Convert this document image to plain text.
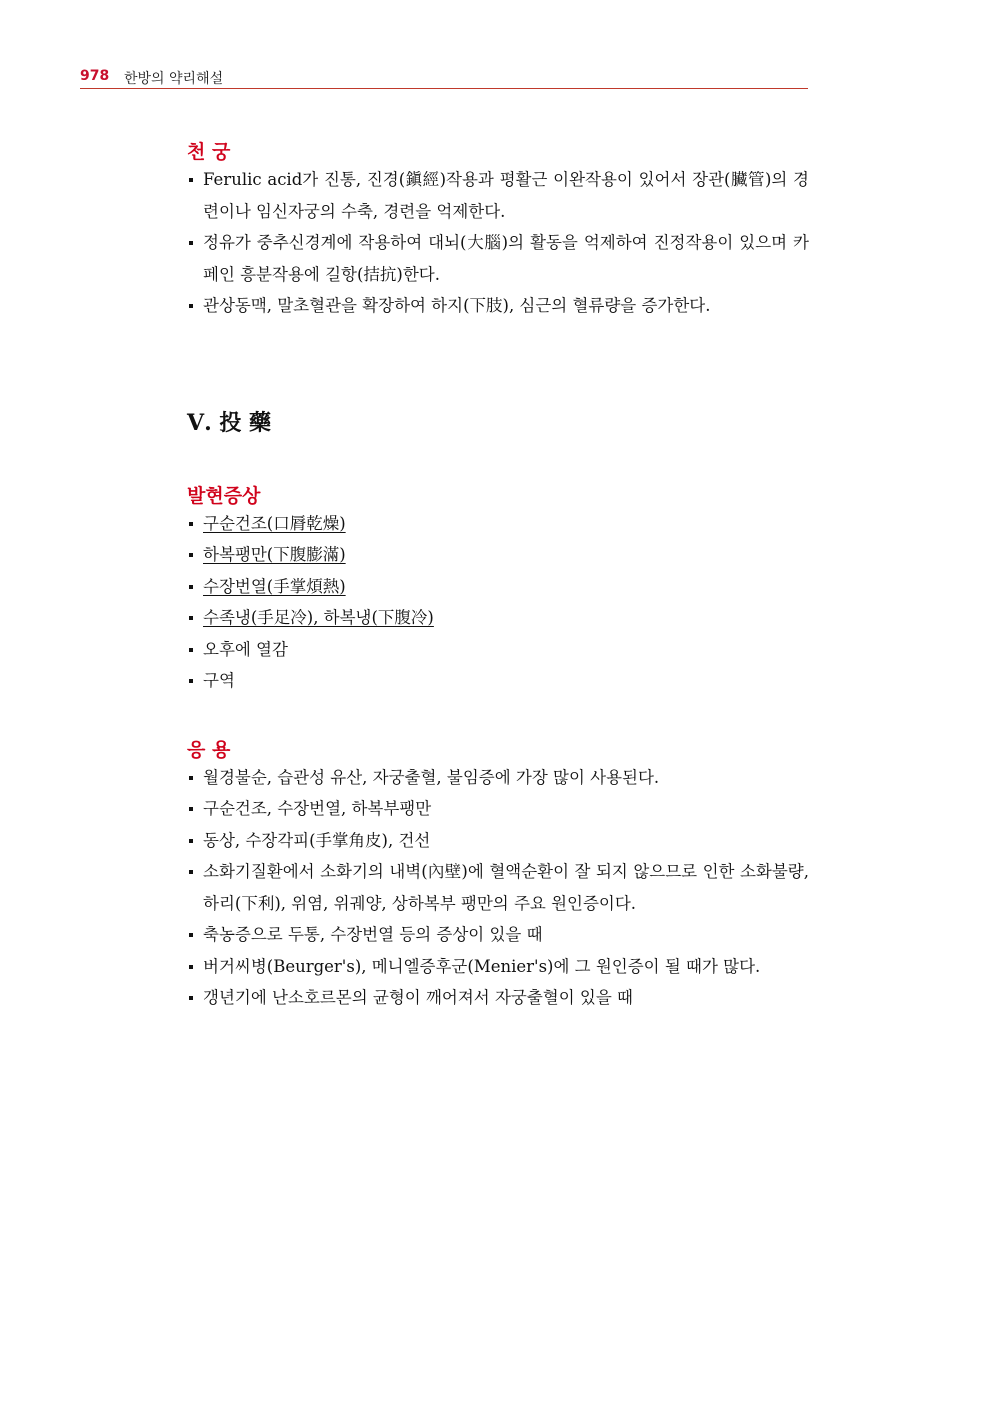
978 한방의 약리해설
천 궁
Ferulic acid가 진통, 진경(鎭經)작용과 평활근 이완작용이 있어서 장관(臟管)의 경련이나 임신자궁의 수축, 경련을 억제한다.
정유가 중추신경계에 작용하여 대뇌(大腦)의 활동을 억제하여 진정작용이 있으며 카페인 흥분작용에 길항(拮抗)한다.
관상동맥, 말초혈관을 확장하여 하지(下肢), 심근의 혈류량을 증가한다.
Ⅴ. 投 藥
발현증상
구순건조(口脣乾燥)
하복팽만(下腹膨滿)
수장번열(手掌煩熱)
수족냉(手足冷), 하복냉(下腹冷)
오후에 열감
구역
응 용
월경불순, 습관성 유산, 자궁출혈, 불임증에 가장 많이 사용된다.
구순건조, 수장번열, 하복부팽만
동상, 수장각피(手掌角皮), 건선
소화기질환에서 소화기의 내벽(內壁)에 혈액순환이 잘 되지 않으므로 인한 소화불량, 하리(下利), 위염, 위궤양, 상하복부 팽만의 주요 원인증이다.
축농증으로 두통, 수장번열 등의 증상이 있을 때
버거씨병(Beurger's), 메니엘증후군(Menier's)에 그 원인증이 될 때가 많다.
갱년기에 난소호르몬의 균형이 깨어져서 자궁출혈이 있을 때
